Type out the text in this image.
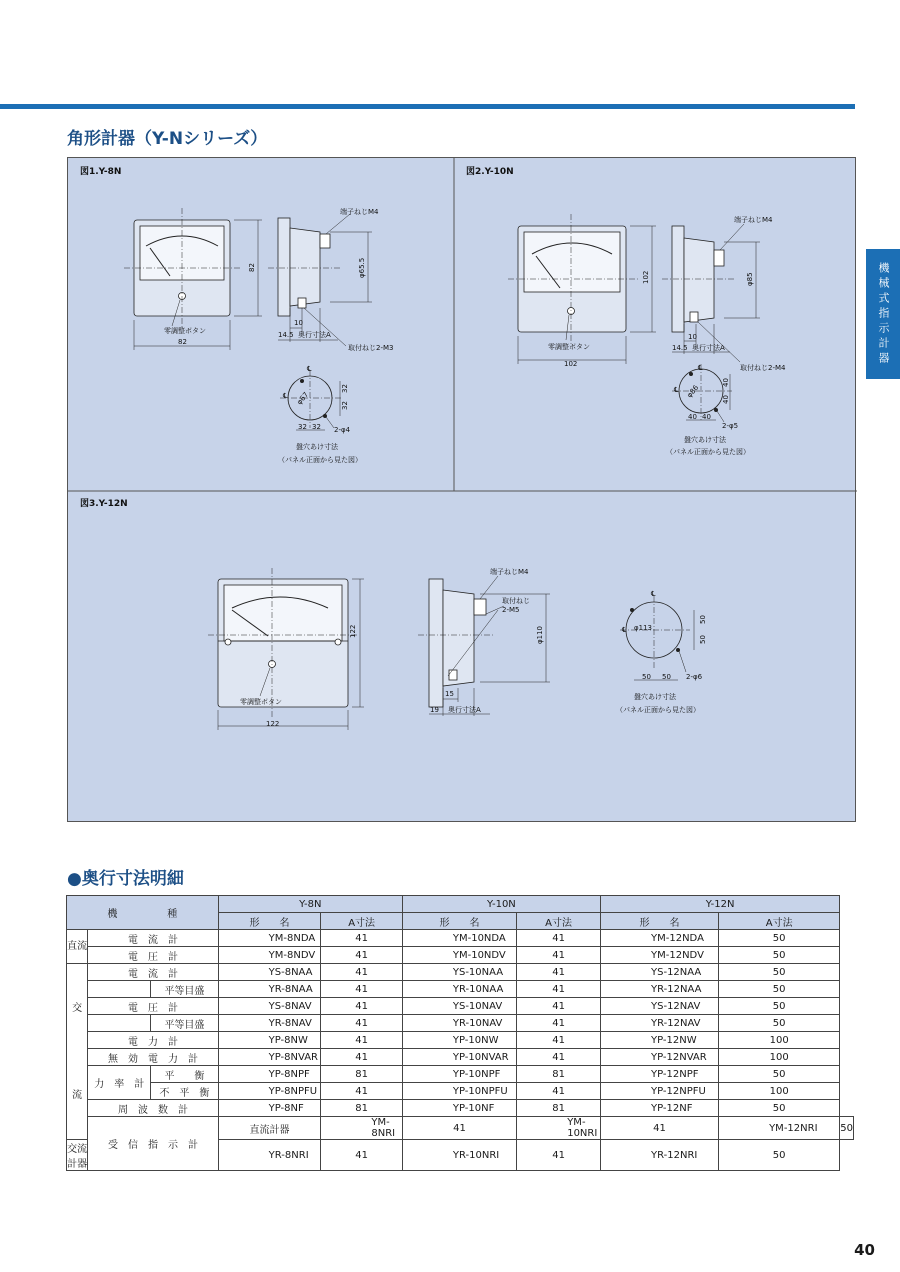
機械式指示計器
角形計器（Y-Nシリーズ）
図1.Y-8N
零調整ボタン
82
82
端子ねじM4
φ65.5
10
14.5 奥行寸法A
取付ねじ2-M3
℄
℄ φ67
32
32
32 32 2-φ4
盤穴あけ寸法
（パネル正面から見た図）
図2.Y-10N
零調整ボタン
102
102
端子ねじM4
φ85
10
14.5 奥行寸法A
取付ねじ2-M4
℄
℄ φ86
40
40
40 40
2-φ5
盤穴あけ寸法
（パネル正面から見た図）
図3.Y-12N
零調整ボタン
122
122
端子ねじM4
取付ねじ
2-M5
φ110
15
19 奥行寸法A
℄
℄ φ113
50
50
50 50 2-φ6
盤穴あけ寸法
（パネル正面から見た図）
●奥行寸法明細
機　　　　　種			Y-8N		Y-10N		Y-12N		
			形　　名	A寸法	形　　名	A寸法	形　　名	A寸法	
直流	電　流　計		YM-8NDA	41	YM-10NDA	41	YM-12NDA	50	
	電　圧　計		YM-8NDV	41	YM-10NDV	41	YM-12NDV	50	
交	電　流　計		YS-8NAA	41	YS-10NAA	41	YS-12NAA	50	
		平等目盛	YR-8NAA	41	YR-10NAA	41	YR-12NAA	50	
	電　圧　計		YS-8NAV	41	YS-10NAV	41	YS-12NAV	50	
		平等目盛	YR-8NAV	41	YR-10NAV	41	YR-12NAV	50	
	電　力　計		YP-8NW	41	YP-10NW	41	YP-12NW	100	
流	無　効　電　力　計		YP-8NVAR	41	YP-10NVAR	41	YP-12NVAR	100	
	力　率　計	平　　衡	YP-8NPF	81	YP-10NPF	81	YP-12NPF	50	
		不　平　衡	YP-8NPFU	41	YP-10NPFU	41	YP-12NPFU	100	
	周　波　数　計		YP-8NF	81	YP-10NF	81	YP-12NF	50	
	受　信　指　示　計		直流計器	YM-8NRI	41	YM-10NRI	41	YM-12NRI	50
交流計器			YR-8NRI	41	YR-10NRI	41	YR-12NRI	50	
40
